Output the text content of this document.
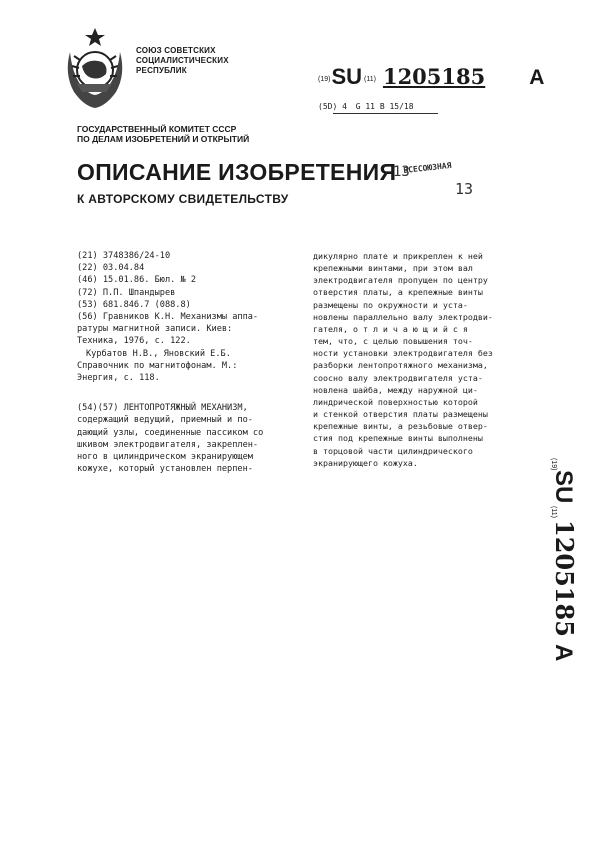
СОЮЗ СОВЕТСКИХ
СОЦИАЛИСТИЧЕСКИХ
РЕСПУБЛИК
(19)SU (11) 1205185 A
(5D) 4 G 11 B 15/18
ГОСУДАРСТВЕННЫЙ КОМИТЕТ СССР
ПО ДЕЛАМ ИЗОБРЕТЕНИЙ И ОТКРЫТИЙ
ОПИСАНИЕ ИЗОБРЕТЕНИЯ
К АВТОРСКОМУ СВИДЕТЕЛЬСТВУ
13
ВСЕСОЮЗНАЯ
13
(21) 3748386/24-10
(22) 03.04.84
(46) 15.01.86. Бюл. № 2
(72) П.П. Шпандырев
(53) 681.846.7 (088.8)
(56) Гравников К.Н. Механизмы аппа-
ратуры магнитной записи. Киев:
Техника, 1976, с. 122.
Курбатов Н.В., Яновский Е.Б.
Справочник по магнитофонам. М.:
Энергия, с. 118.
(54)(57) ЛЕНТОПРОТЯЖНЫЙ МЕХАНИЗМ,
содержащий ведущий, приемный и по-
дающий узлы, соединенные пассиком со
шкивом электродвигателя, закреплен-
ного в цилиндрическом экранирующем
кожухе, который установлен перпен-
дикулярно плате и прикреплен к ней
крепежными винтами, при этом вал
электродвигателя пропущен по центру
отверстия платы, а крепежные винты
размещены по окружности и уста-
новлены параллельно валу электродви-
гателя, о т л и ч а ю щ и й с я
тем, что, с целью повышения точ-
ности установки электродвигателя без
разборки лентопротяжного механизма,
соосно валу электродвигателя уста-
новлена шайба, между наружной ци-
линдрической поверхностью которой
и стенкой отверстия платы размещены
крепежные винты, а резьбовые отвер-
стия под крепежные винты выполнены
в торцовой части цилиндрического
экранирующего кожуха.	(19)
SU
(11)
1205185
A
